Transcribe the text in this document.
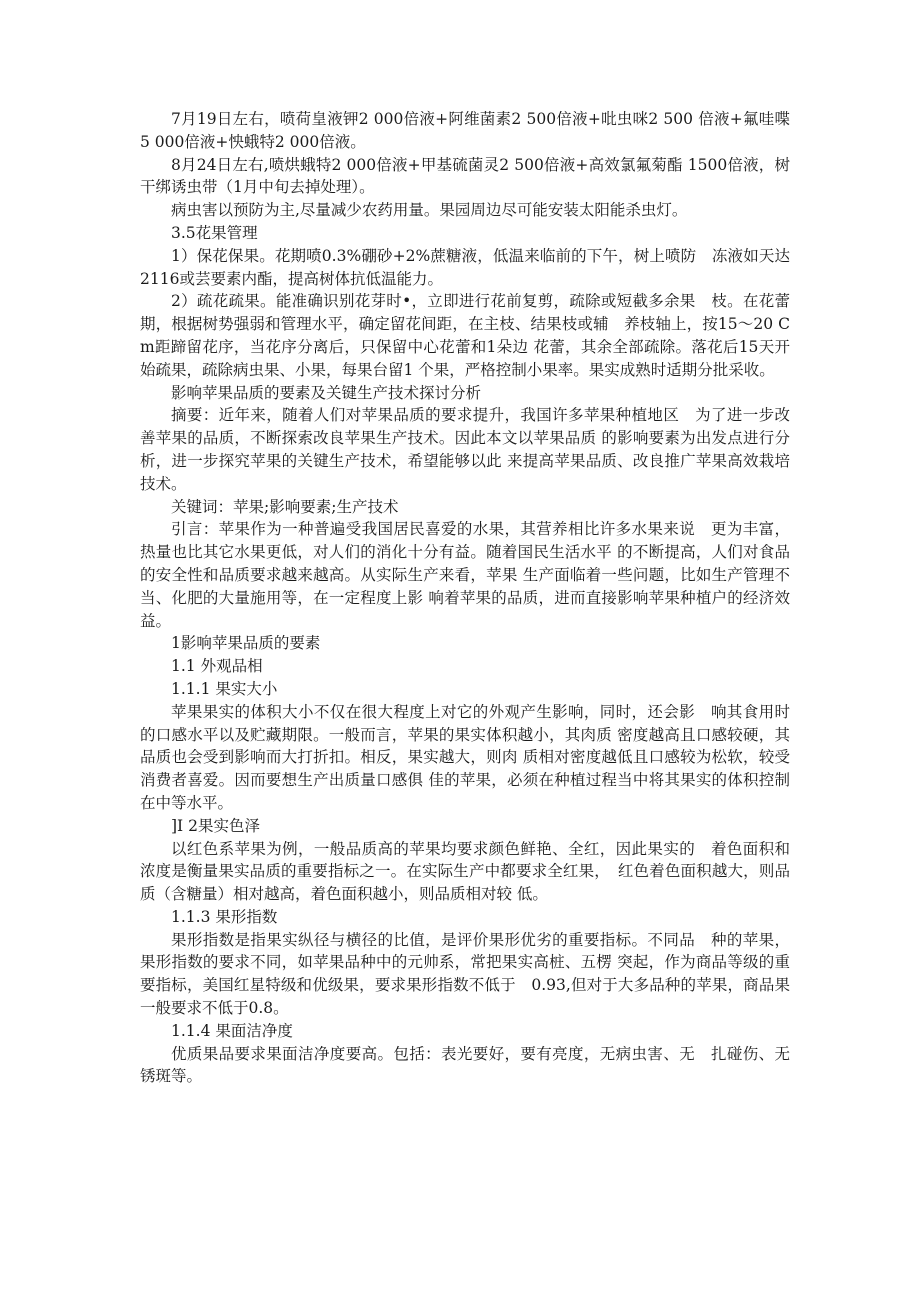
7月19日左右，喷荷皇液钾2 000倍液+阿维菌素2 500倍液+吡虫咪2 500 倍液+氟哇喋5 000倍液+怏蛾特2 000倍液。

8月24日左右,喷烘蛾特2 000倍液+甲基硫菌灵2 500倍液+高效氯氟菊酯 1500倍液，树干绑诱虫带（1月中旬去掉处理）。

病虫害以预防为主,尽量减少农药用量。果园周边尽可能安装太阳能杀虫灯。

3.5花果管理

1）保花保果。花期喷0.3%硼砂+2%蔗糖液，低温来临前的下午，树上喷防　冻液如天达2116或芸要素内酯，提高树体抗低温能力。

2）疏花疏果。能准确识别花芽时•，立即进行花前复剪，疏除或短截多余果　枝。在花蕾期，根据树势强弱和管理水平，确定留花间距，在主枝、结果枝或辅　养枝轴上，按15～20 Cm距蹄留花序，当花序分离后，只保留中心花蕾和1朵边 花蕾，其余全部疏除。落花后15天开始疏果，疏除病虫果、小果，每果台留1 个果，严格控制小果率。果实成熟时适期分批采收。

影响苹果品质的要素及关键生产技术探讨分析

摘要：近年来，随着人们对苹果品质的要求提升，我国许多苹果种植地区　为了进一步改善苹果的品质，不断探索改良苹果生产技术。因此本文以苹果品质 的影响要素为出发点进行分析，进一步探究苹果的关键生产技术，希望能够以此 来提高苹果品质、改良推广苹果高效栽培技术。

关键词：苹果;影响要素;生产技术

引言：苹果作为一种普遍受我国居民喜爱的水果，其营养相比许多水果来说　更为丰富，热量也比其它水果更低，对人们的消化十分有益。随着国民生活水平 的不断提高，人们对食品的安全性和品质要求越来越高。从实际生产来看，苹果 生产面临着一些问题，比如生产管理不当、化肥的大量施用等，在一定程度上影 响着苹果的品质，进而直接影响苹果种植户的经济效益。

1影响苹果品质的要素

1.1 外观品相

1.1.1 果实大小

苹果果实的体积大小不仅在很大程度上对它的外观产生影响，同时，还会影　响其食用时的口感水平以及贮藏期限。一般而言，苹果的果实体积越小，其肉质 密度越高且口感较硬，其品质也会受到影响而大打折扣。相反，果实越大，则肉 质相对密度越低且口感较为松软，较受消费者喜爱。因而要想生产出质量口感俱 佳的苹果，必须在种植过程当中将其果实的体积控制在中等水平。

]I 2果实色泽

以红色系苹果为例，一般品质高的苹果均要求颜色鲜艳、全红，因此果实的　着色面积和浓度是衡量果实品质的重要指标之一。在实际生产中都要求全红果，　红色着色面积越大，则品质（含糖量）相对越高，着色面积越小，则品质相对较 低。

1.1.3 果形指数

果形指数是指果实纵径与横径的比值，是评价果形优劣的重要指标。不同品　种的苹果，果形指数的要求不同，如苹果品种中的元帅系，常把果实高桩、五楞 突起，作为商品等级的重要指标，美国红星特级和优级果，要求果形指数不低于　0.93,但对于大多品种的苹果，商品果一般要求不低于0.8。

1.1.4 果面洁净度

优质果品要求果面洁净度要高。包括：表光要好，要有亮度，无病虫害、无　扎碰伤、无锈斑等。
